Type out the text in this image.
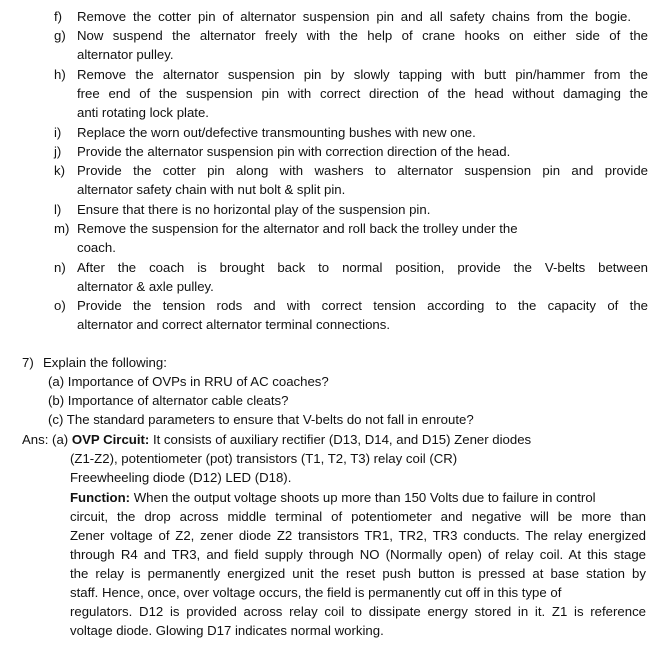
f) Remove the cotter pin of alternator suspension pin and all safety chains from the bogie.
g) Now suspend the alternator freely with the help of crane hooks on either side of the
alternator pulley.
h) Remove the alternator suspension pin by slowly tapping with butt pin/hammer from the
free end of the suspension pin with correct direction of the head without damaging the
anti rotating lock plate.
i) Replace the worn out/defective transmounting bushes with new one.
j) Provide the alternator suspension pin with correction direction of the head.
k) Provide the cotter pin along with washers to alternator suspension pin and provide
alternator safety chain with nut bolt & split pin.
l) Ensure that there is no horizontal play of the suspension pin.
m) Remove the suspension for the alternator and roll back the trolley under the
coach.
n) After the coach is brought back to normal position, provide the V-belts between
alternator & axle pulley.
o) Provide the tension rods and with correct tension according to the capacity of the
alternator and correct alternator terminal connections.
7) Explain the following:
(a) Importance of OVPs in RRU of AC coaches?
(b) Importance of alternator cable cleats?
(c) The standard parameters to ensure that V-belts do not fall in enroute?
Ans: (a) OVP Circuit: It consists of auxiliary rectifier (D13, D14, and D15) Zener diodes
(Z1-Z2), potentiometer (pot) transistors (T1, T2, T3) relay coil (CR)
Freewheeling diode (D12) LED (D18).
Function: When the output voltage shoots up more than 150 Volts due to failure in control
circuit, the drop across middle terminal of potentiometer and negative will be more than
Zener voltage of Z2, zener diode Z2 transistors TR1, TR2, TR3 conducts. The relay energized
through R4 and TR3, and field supply through NO (Normally open) of relay coil. At this stage
the relay is permanently energized unit the reset push button is pressed at base station by
staff. Hence, once, over voltage occurs, the field is permanently cut off in this type of
regulators. D12 is provided across relay coil to dissipate energy stored in it. Z1 is reference
voltage diode. Glowing D17 indicates normal working.
